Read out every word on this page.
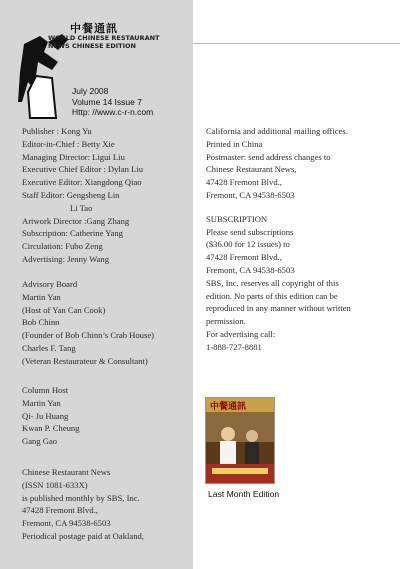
中餐通訊
WORLD CHINESE RESTAURANT
NEWS CHINESE EDITION
July 2008
Volume 14 Issue 7
Http: //www.c-r-n.com
Publisher : Kong Yu
Editor-in-Chief : Betty Xie
Managing Director: Ligui Liu
Executive Chief Editor : Dylan Liu
Executive Editor: Xiangdong Qiao
Staff Editor: Gengsheng Lin
Li Tao
Artwork Director :Gang Zhang
Subscription: Catherine Yang
Circulation: Fubo Zeng
Advertising: Jenny Wang
Advisory Board
Martin Yan
(Host of Yan Can Cook)
Bob Chinn
(Founder of Bob Chinn’s Crab House)
Charles F. Tang
(Veteran Restaurateur & Consultant)
Column Host
Martin Yan
Qi- Ju Huang
Kwan P. Cheung
Gang Gao
Chinese Restaurant News
(ISSN 1081-633X)
is published monthly by SBS, Inc.
47428 Fremont Blvd.,
Fremont, CA 94538-6503
Periodical postage paid at Oakland,
California and additional mailing offices.
Printed in China
Postmaster: send address changes to
Chinese Restaurant News,
47428 Fremont Blvd.,
Fremont, CA 94538-6503
SUBSCRIPTION
Please send subscriptions
($36.00 for 12 issues) to
47428 Fremont Blvd.,
Fremont, CA 94538-6503
SBS, Inc. reserves all copyright of this
edition. No parts of this edition can be
reproduced in any manner without written
permission.
For advertising call:
1-888-727-8881
中餐通訊
Last Month Edition
